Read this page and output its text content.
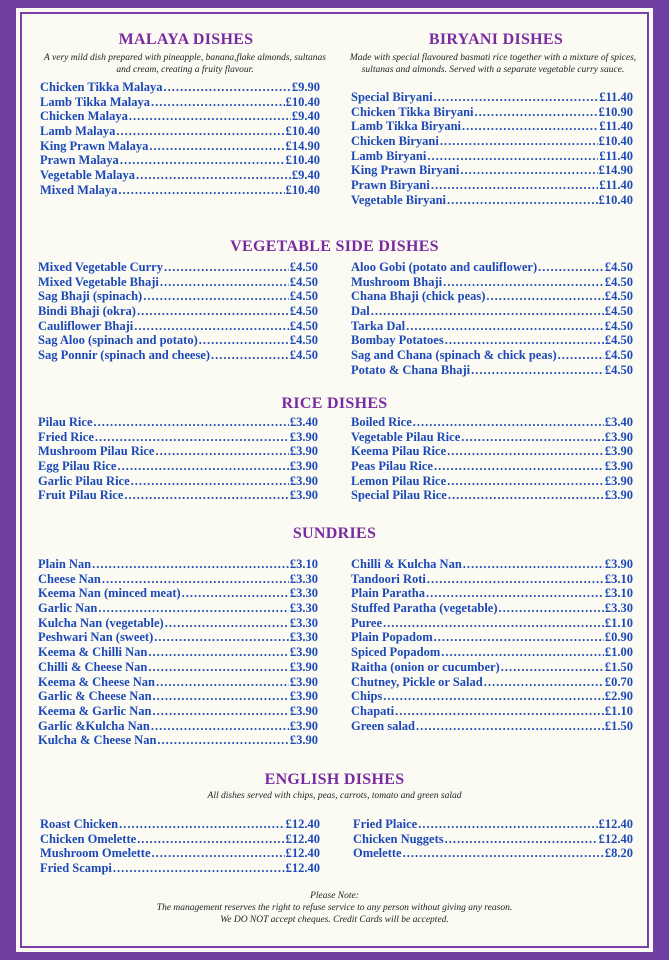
MALAYA DISHES
A very mild dish prepared with pineapple, banana,flake almonds, sultanas and cream, creating a fruity flavour.
Chicken Tikka Malaya .....	£9.90
Lamb Tikka Malaya .....	£10.40
Chicken Malaya .....	£9.40
Lamb Malaya .....	£10.40
King Prawn Malaya .....	£14.90
Prawn Malaya .....	£10.40
Vegetable Malaya .....	£9.40
Mixed Malaya .....	£10.40
BIRYANI DISHES
Made with special flavoured basmati rice together with a mixture of spices, sultanas and almonds. Served with a separate vegetable curry sauce.
Special Biryani .....	£11.40
Chicken Tikka Biryani .....	£10.90
Lamb Tikka Biryani .....	£11.40
Chicken Biryani .....	£10.40
Lamb Biryani .....	£11.40
King Prawn Biryani .....	£14.90
Prawn Biryani .....	£11.40
Vegetable Biryani .....	£10.40
VEGETABLE SIDE DISHES
Mixed Vegetable Curry .....	£4.50
Mixed Vegetable Bhaji .....	£4.50
Sag Bhaji (spinach) .....	£4.50
Bindi Bhaji (okra) .....	£4.50
Cauliflower Bhaji .....	£4.50
Sag Aloo (spinach and potato) .....	£4.50
Sag Ponnir (spinach and cheese) .....	£4.50
Aloo Gobi (potato and cauliflower) .....	£4.50
Mushroom Bhaji .....	£4.50
Chana Bhaji (chick peas) .....	£4.50
Dal .....	£4.50
Tarka Dal .....	£4.50
Bombay Potatoes .....	£4.50
Sag and Chana (spinach & chick peas) .....	£4.50
Potato & Chana Bhaji .....	£4.50
RICE DISHES
Pilau Rice .....	£3.40
Fried Rice .....	£3.90
Mushroom Pilau Rice .....	£3.90
Egg Pilau Rice .....	£3.90
Garlic Pilau Rice .....	£3.90
Fruit Pilau Rice .....	£3.90
Boiled Rice .....	£3.40
Vegetable Pilau Rice .....	£3.90
Keema Pilau Rice .....	£3.90
Peas Pilau Rice .....	£3.90
Lemon Pilau Rice .....	£3.90
Special Pilau Rice .....	£3.90
SUNDRIES
Plain Nan .....	£3.10
Cheese Nan .....	£3.30
Keema Nan (minced meat) .....	£3.30
Garlic Nan .....	£3.30
Kulcha Nan (vegetable) .....	£3.30
Peshwari Nan (sweet) .....	£3.30
Keema & Chilli Nan .....	£3.90
Chilli & Cheese Nan .....	£3.90
Keema & Cheese Nan .....	£3.90
Garlic & Cheese Nan .....	£3.90
Keema & Garlic Nan .....	£3.90
Garlic &Kulcha Nan .....	£3.90
Kulcha & Cheese Nan .....	£3.90
Chilli & Kulcha Nan .....	£3.90
Tandoori Roti .....	£3.10
Plain Paratha .....	£3.10
Stuffed Paratha (vegetable) .....	£3.30
Puree .....	£1.10
Plain Popadom .....	£0.90
Spiced Popadom .....	£1.00
Raitha (onion or cucumber) .....	£1.50
Chutney, Pickle or Salad .....	£0.70
Chips .....	£2.90
Chapati .....	£1.10
Green salad .....	£1.50
ENGLISH DISHES
All dishes served with chips, peas, carrots, tomato and green salad
Roast Chicken .....	£12.40
Chicken Omelette .....	£12.40
Mushroom Omelette .....	£12.40
Fried Scampi .....	£12.40
Fried Plaice .....	£12.40
Chicken Nuggets .....	£12.40
Omelette .....	£8.20
Please Note:
The management reserves the right to refuse service to any person without giving any reason.
We DO NOT accept cheques. Credit Cards will be accepted.
